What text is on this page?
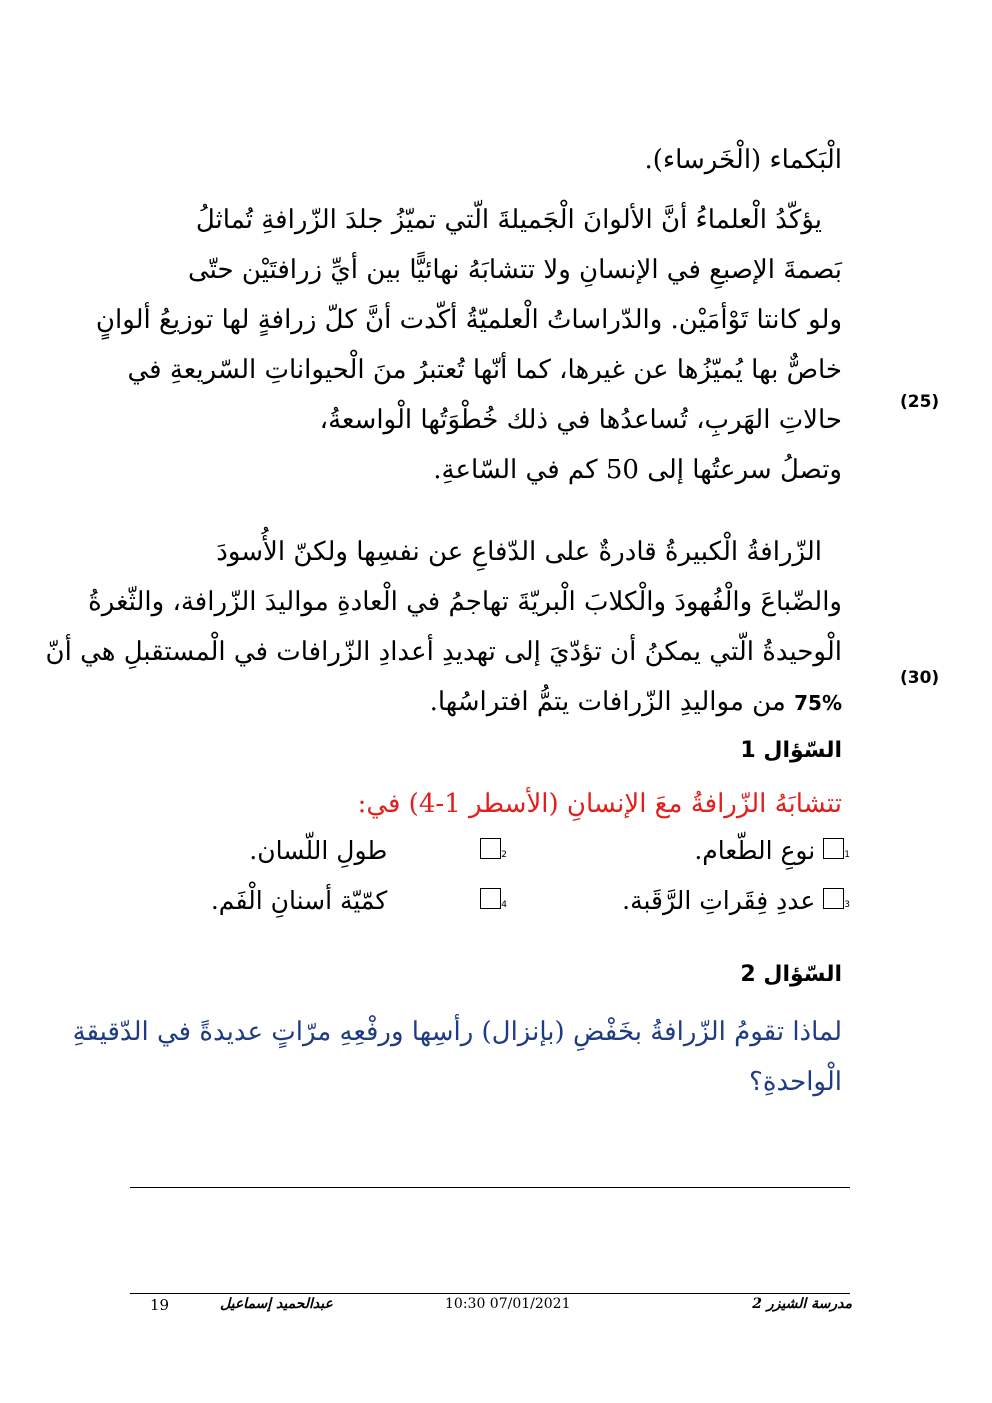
الْبَكماء (الْخَرساء).
يؤكّدُ الْعلماءُ أنَّ الألوانَ الْجَميلةَ الّتي تميّزُ جلدَ الزّرافةِ تُماثلُ
بَصمةَ الإصبعِ في الإنسانِ ولا تتشابَهُ نهائيًّا بين أيِّ زرافتَيْن حتّى
ولو كانتا تَوْأمَيْن. والدّراساتُ الْعلميّةُ أكّدت أنَّ كلّ زرافةٍ لها توزيعُ ألوانٍ
خاصٌّ بها يُميّزُها عن غيرها، كما أنّها تُعتبرُ منَ الْحيواناتِ السّريعةِ في
حالاتِ الهَربِ، تُساعدُها في ذلك خُطْوَتُها الْواسعةُ،
وتصلُ سرعتُها إلى 50 كم في السّاعةِ.
(25)
الزّرافةُ الْكبيرةُ قادرةٌ على الدّفاعِ عن نفسِها ولكنّ الأُسودَ
والضّباعَ والْفُهودَ والْكلابَ الْبريّةَ تهاجمُ في الْعادةِ مواليدَ الزّرافة، والثّغرةُ
الْوحيدةُ الّتي يمكنُ أن تؤدّيَ إلى تهديدِ أعدادِ الزّرافات في الْمستقبلِ هي أنّ
75% من مواليدِ الزّرافات يتمُّ افتراسُها.
(30)
السّؤال 1
تتشابَهُ الزّرافةُ معَ الإنسانِ (الأسطر 1-4) في:
1
نوعِ الطّعام.
2
طولِ اللّسان.
3
عددِ فِقَراتِ الرَّقَبة.
4
كمّيّة أسنانِ الْفَم.
السّؤال 2
لماذا تقومُ الزّرافةُ بخَفْضِ (بإنزال) رأسِها ورفْعِهِ مرّاتٍ عديدةً في الدّقيقةِ
الْواحدةِ؟
19	عبدالحميد إسماعيل	10:30 07/01/2021	مدرسة الشيزر 2
